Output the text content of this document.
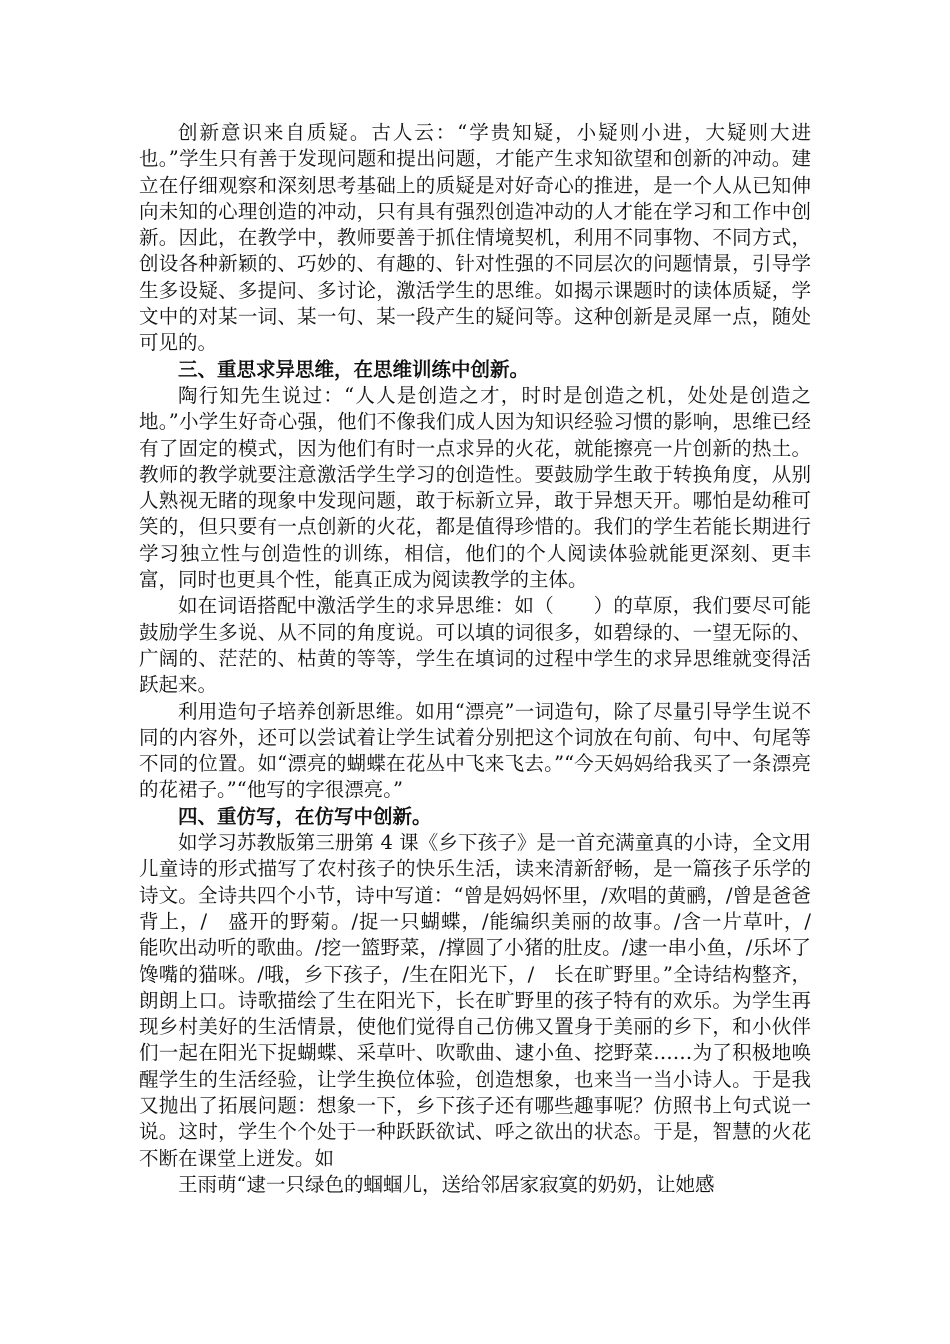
创新意识来自质疑。古人云：“学贵知疑，小疑则小进，大疑则大进也。”学生只有善于发现问题和提出问题，才能产生求知欲望和创新的冲动。建立在仔细观察和深刻思考基础上的质疑是对好奇心的推进，是一个人从已知伸向未知的心理创造的冲动，只有具有强烈创造冲动的人才能在学习和工作中创新。因此，在教学中，教师要善于抓住情境契机，利用不同事物、不同方式，创设各种新颖的、巧妙的、有趣的、针对性强的不同层次的问题情景，引导学生多设疑、多提问、多讨论，激活学生的思维。如揭示课题时的读体质疑，学文中的对某一词、某一句、某一段产生的疑问等。这种创新是灵犀一点，随处可见的。

三、重思求异思维，在思维训练中创新。

陶行知先生说过：“人人是创造之才，时时是创造之机，处处是创造之地。”小学生好奇心强，他们不像我们成人因为知识经验习惯的影响，思维已经有了固定的模式，因为他们有时一点求异的火花，就能擦亮一片创新的热土。教师的教学就要注意激活学生学习的创造性。要鼓励学生敢于转换角度，从别人熟视无睹的现象中发现问题，敢于标新立异，敢于异想天开。哪怕是幼稚可笑的，但只要有一点创新的火花，都是值得珍惜的。我们的学生若能长期进行学习独立性与创造性的训练，相信，他们的个人阅读体验就能更深刻、更丰富，同时也更具个性，能真正成为阅读教学的主体。

如在词语搭配中激活学生的求异思维：如（　　）的草原，我们要尽可能鼓励学生多说、从不同的角度说。可以填的词很多，如碧绿的、一望无际的、广阔的、茫茫的、枯黄的等等，学生在填词的过程中学生的求异思维就变得活跃起来。

利用造句子培养创新思维。如用“漂亮”一词造句，除了尽量引导学生说不同的内容外，还可以尝试着让学生试着分别把这个词放在句前、句中、句尾等不同的位置。如“漂亮的蝴蝶在花丛中飞来飞去。”“今天妈妈给我买了一条漂亮的花裙子。”“他写的字很漂亮。”

四、重仿写，在仿写中创新。

如学习苏教版第三册第 4 课《乡下孩子》是一首充满童真的小诗，全文用儿童诗的形式描写了农村孩子的快乐生活，读来清新舒畅，是一篇孩子乐学的诗文。全诗共四个小节，诗中写道：“曾是妈妈怀里，/欢唱的黄鹂，/曾是爸爸背上，/　盛开的野菊。/捉一只蝴蝶，/能编织美丽的故事。/含一片草叶，/　能吹出动听的歌曲。/挖一篮野菜，/撑圆了小猪的肚皮。/逮一串小鱼，/乐坏了馋嘴的猫咪。/哦，乡下孩子，/生在阳光下，/　长在旷野里。”全诗结构整齐，朗朗上口。诗歌描绘了生在阳光下，长在旷野里的孩子特有的欢乐。为学生再现乡村美好的生活情景，使他们觉得自己仿佛又置身于美丽的乡下，和小伙伴们一起在阳光下捉蝴蝶、采草叶、吹歌曲、逮小鱼、挖野菜……为了积极地唤醒学生的生活经验，让学生换位体验，创造想象，也来当一当小诗人。于是我又抛出了拓展问题：想象一下，乡下孩子还有哪些趣事呢？仿照书上句式说一说。这时，学生个个处于一种跃跃欲试、呼之欲出的状态。于是，智慧的火花不断在课堂上迸发。如

王雨萌“逮一只绿色的蝈蝈儿，送给邻居家寂寞的奶奶，让她感
